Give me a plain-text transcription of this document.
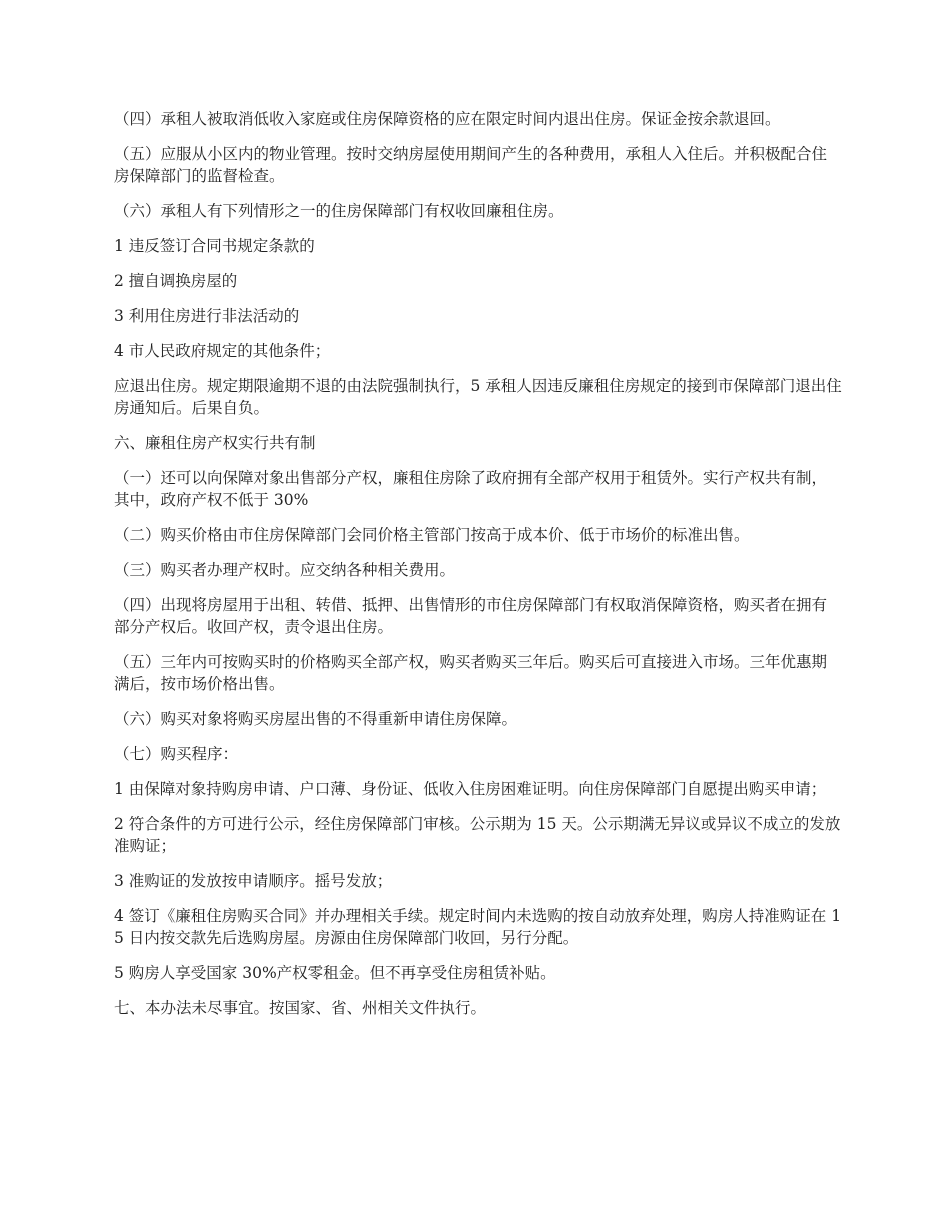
（四）承租人被取消低收入家庭或住房保障资格的应在限定时间内退出住房。保证金按余款退回。

（五）应服从小区内的物业管理。按时交纳房屋使用期间产生的各种费用，承租人入住后。并积极配合住房保障部门的监督检查。

（六）承租人有下列情形之一的住房保障部门有权收回廉租住房。

1 违反签订合同书规定条款的

2 擅自调换房屋的

3 利用住房进行非法活动的

4 市人民政府规定的其他条件；

应退出住房。规定期限逾期不退的由法院强制执行，5 承租人因违反廉租住房规定的接到市保障部门退出住房通知后。后果自负。

六、廉租住房产权实行共有制

（一）还可以向保障对象出售部分产权，廉租住房除了政府拥有全部产权用于租赁外。实行产权共有制，其中，政府产权不低于 30%

（二）购买价格由市住房保障部门会同价格主管部门按高于成本价、低于市场价的标准出售。

（三）购买者办理产权时。应交纳各种相关费用。

（四）出现将房屋用于出租、转借、抵押、出售情形的市住房保障部门有权取消保障资格，购买者在拥有部分产权后。收回产权，责令退出住房。

（五）三年内可按购买时的价格购买全部产权，购买者购买三年后。购买后可直接进入市场。三年优惠期满后，按市场价格出售。

（六）购买对象将购买房屋出售的不得重新申请住房保障。

（七）购买程序：

1 由保障对象持购房申请、户口薄、身份证、低收入住房困难证明。向住房保障部门自愿提出购买申请；

2 符合条件的方可进行公示，经住房保障部门审核。公示期为 15 天。公示期满无异议或异议不成立的发放准购证；

3 准购证的发放按申请顺序。摇号发放；

4 签订《廉租住房购买合同》并办理相关手续。规定时间内未选购的按自动放弃处理，购房人持准购证在 15 日内按交款先后选购房屋。房源由住房保障部门收回，另行分配。

5 购房人享受国家 30%产权零租金。但不再享受住房租赁补贴。

七、本办法未尽事宜。按国家、省、州相关文件执行。
